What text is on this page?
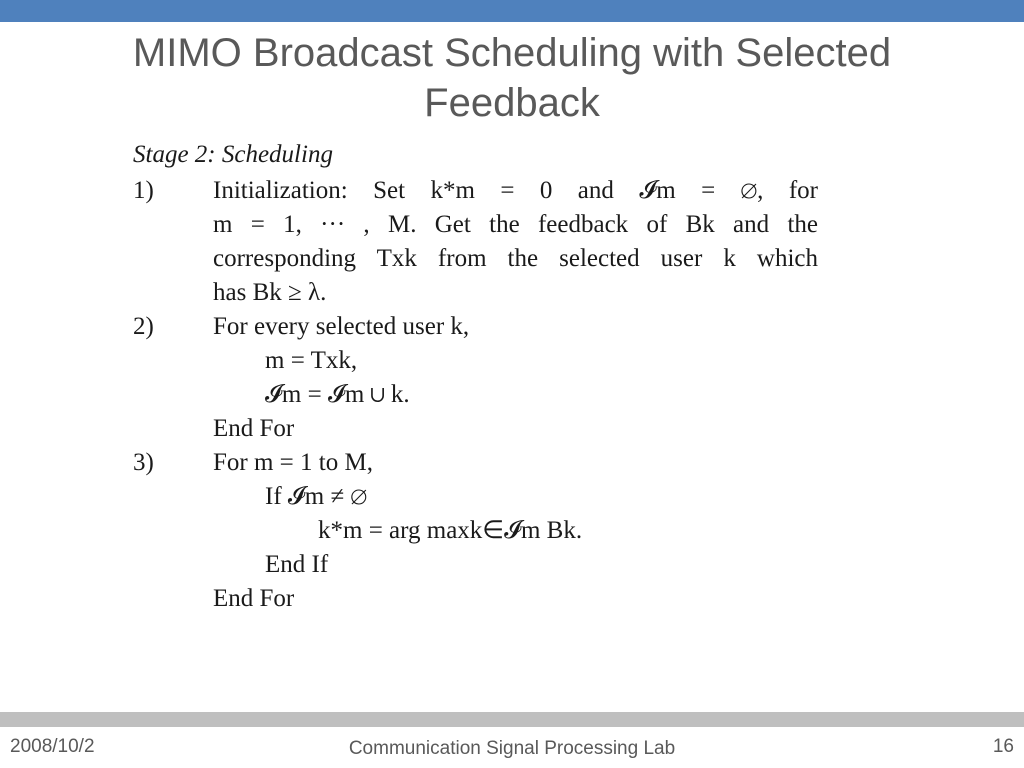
MIMO Broadcast Scheduling with Selected
Feedback
Stage 2: Scheduling
1)	Initialization: Set k*m = 0 and 𝓘m = ∅, for
m = 1, ··· , M. Get the feedback of Bk and the
corresponding Txk from the selected user k which
has Bk ≥ λ.
2)	For every selected user k,
m = Txk,
𝓘m = 𝓘m ∪ k.
End For
3)	For m = 1 to M,
If 𝓘m ≠ ∅
k*m = arg maxk∈𝓘m Bk.
End If
End For
2008/10/2	Communication Signal Processing Lab	16
